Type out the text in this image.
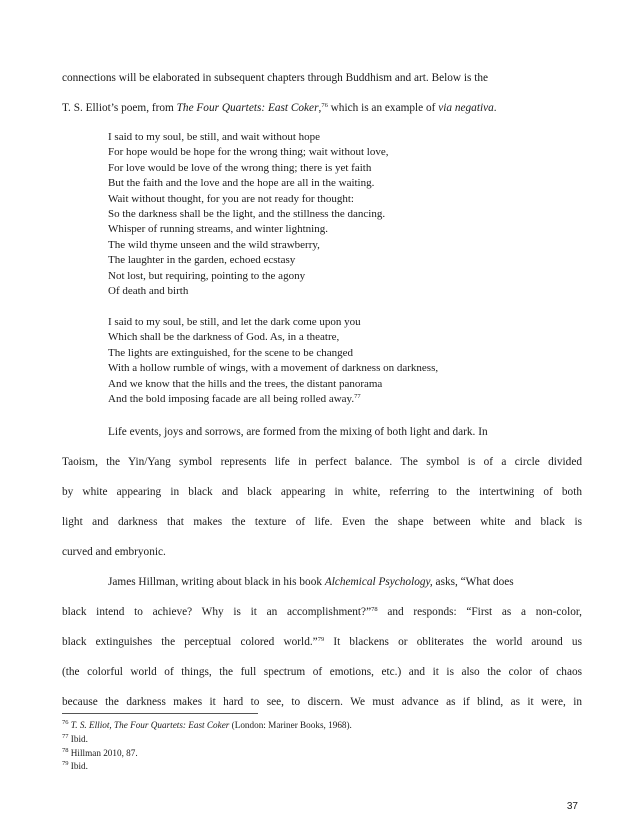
connections will be elaborated in subsequent chapters through Buddhism and art. Below is the
T. S. Elliot’s poem, from The Four Quartets: East Coker,$^{76}$ which is an example of via negativa.
I said to my soul, be still, and wait without hope
For hope would be hope for the wrong thing; wait without love,
For love would be love of the wrong thing; there is yet faith
But the faith and the love and the hope are all in the waiting.
Wait without thought, for you are not ready for thought:
So the darkness shall be the light, and the stillness the dancing.
Whisper of running streams, and winter lightning.
The wild thyme unseen and the wild strawberry,
The laughter in the garden, echoed ecstasy
Not lost, but requiring, pointing to the agony
Of death and birth
I said to my soul, be still, and let the dark come upon you
Which shall be the darkness of God. As, in a theatre,
The lights are extinguished, for the scene to be changed
With a hollow rumble of wings, with a movement of darkness on darkness,
And we know that the hills and the trees, the distant panorama
And the bold imposing facade are all being rolled away.$^{77}$
Life events, joys and sorrows, are formed from the mixing of both light and dark. In
Taoism, the Yin/Yang symbol represents life in perfect balance. The symbol is of a circle divided
by white appearing in black and black appearing in white, referring to the intertwining of both
light and darkness that makes the texture of life. Even the shape between white and black is
curved and embryonic.
James Hillman, writing about black in his book Alchemical Psychology, asks, “What does
black intend to achieve? Why is it an accomplishment?”$^{78}$ and responds: “First as a non-color,
black extinguishes the perceptual colored world.”$^{79}$ It blackens or obliterates the world around us
(the colorful world of things, the full spectrum of emotions, etc.) and it is also the color of chaos
because the darkness makes it hard to see, to discern. We must advance as if blind, as it were, in
$^{76}$ T. S. Elliot, The Four Quartets: East Coker (London: Mariner Books, 1968).
$^{77}$ Ibid.
$^{78}$ Hillman 2010, 87.
$^{79}$ Ibid.
37
